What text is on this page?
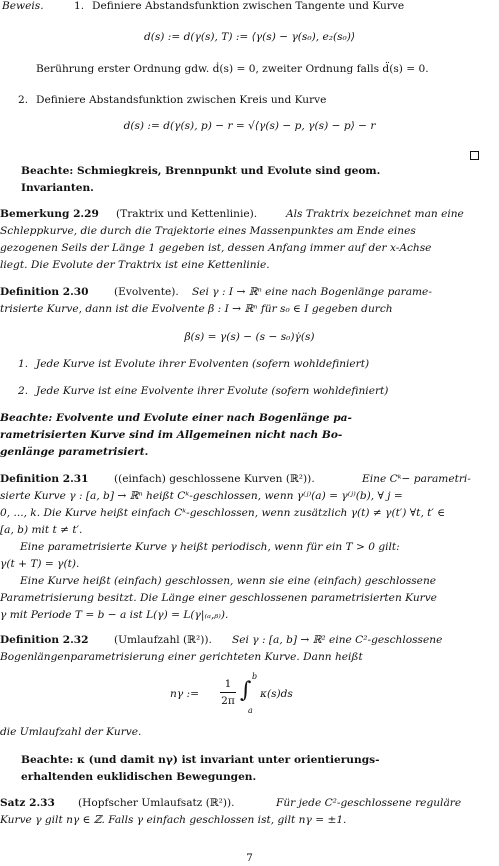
Beweis.	1. Definiere Abstandsfunktion zwischen Tangente und Kurve
d(s) := d(γ(s), T) := ⟨γ(s) − γ(s₀), e₂(s₀)⟩
Berührung erster Ordnung gdw. ḋ(s) = 0, zweiter Ordnung falls d̈(s) = 0.
2. Definiere Abstandsfunktion zwischen Kreis und Kurve
d(s) := d(γ(s), p) − r = √⟨γ(s) − p, γ(s) − p⟩ − r
Beachte: Schmiegkreis, Brennpunkt und Evolute sind geom.
Invarianten.
Bemerkung 2.29 (Traktrix und Kettenlinie).	Als Traktrix bezeichnet man eine
Schleppkurve, die durch die Trajektorie eines Massenpunktes am Ende eines
gezogenen Seils der Länge 1 gegeben ist, dessen Anfang immer auf der x-Achse
liegt. Die Evolute der Traktrix ist eine Kettenlinie.
Definition 2.30 (Evolvente). Sei γ : I → ℝⁿ eine nach Bogenlänge parame-
trisierte Kurve, dann ist die Evolvente β : I → ℝⁿ für s₀ ∈ I gegeben durch
β(s) = γ(s) − (s − s₀)γ̇(s)
1. Jede Kurve ist Evolute ihrer Evolventen (sofern wohldefiniert)
2. Jede Kurve ist eine Evolvente ihrer Evolute (sofern wohldefiniert)
Beachte: Evolvente und Evolute einer nach Bogenlänge pa-
rametrisierten Kurve sind im Allgemeinen nicht nach Bo-
genlänge parametrisiert.
Definition 2.31 ((einfach) geschlossene Kurven (ℝ²)).	Eine Cᵏ− parametri-
sierte Kurve γ : [a, b] → ℝⁿ heißt Cᵏ-geschlossen, wenn γ⁽ʲ⁾(a) = γ⁽ʲ⁾(b), ∀ j =
0, ..., k. Die Kurve heißt einfach Cᵏ-geschlossen, wenn zusätzlich γ(t) ≠ γ(t′) ∀t, t′ ∈
[a, b) mit t ≠ t′.
Eine parametrisierte Kurve γ heißt periodisch, wenn für ein T > 0 gilt:
γ(t + T) = γ(t).
Eine Kurve heißt (einfach) geschlossen, wenn sie eine (einfach) geschlossene
Parametrisierung besitzt. Die Länge einer geschlossenen parametrisierten Kurve
γ mit Periode T = b − a ist L(γ) = L(γ|₍ₐ,ᵦ₎).
Definition 2.32 (Umlaufzahl (ℝ²)). Sei γ : [a, b] → ℝ² eine C²-geschlossene
Bogenlängenparametrisierung einer gerichteten Kurve. Dann heißt
nγ :=
1
2π ∫
b
a
κ(s)ds
die Umlaufzahl der Kurve.
Beachte: κ (und damit nγ) ist invariant unter orientierungs-
erhaltenden euklidischen Bewegungen.
Satz 2.33 (Hopfscher Umlaufsatz (ℝ²)).	Für jede C²-geschlossene reguläre
Kurve γ gilt nγ ∈ ℤ. Falls γ einfach geschlossen ist, gilt nγ = ±1.
7
